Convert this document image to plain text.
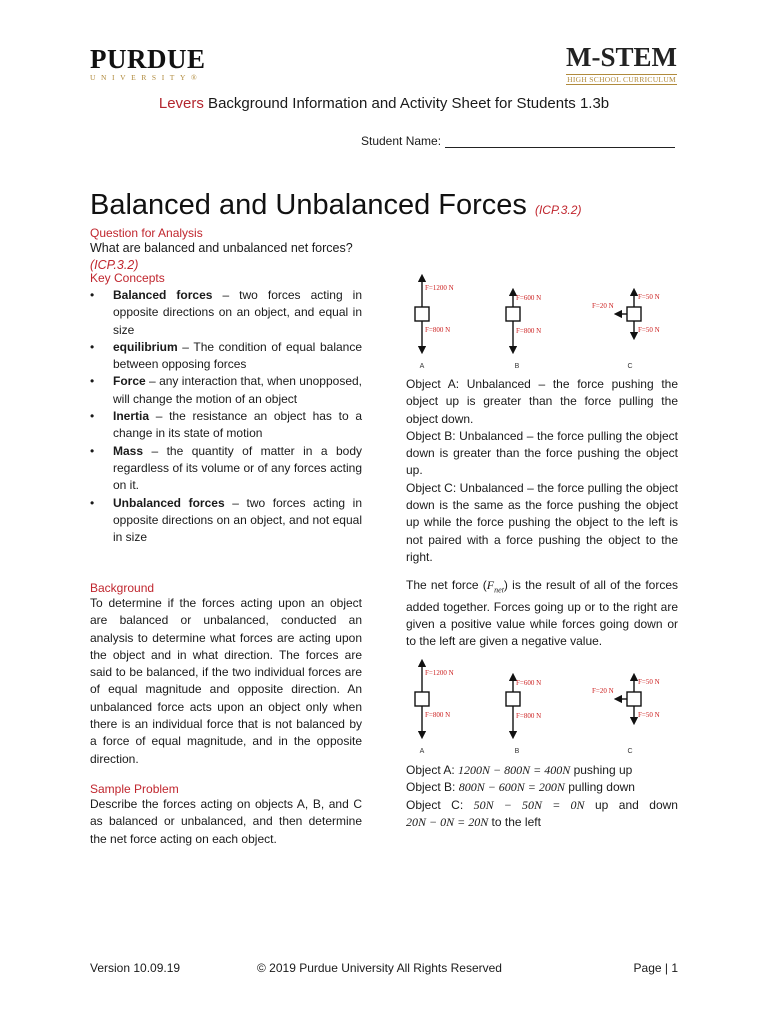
PURDUE
UNIVERSITY®
M-STEM
HIGH SCHOOL CURRICULUM
Levers Background Information and Activity Sheet for Students 1.3b
Student Name:
Balanced and Unbalanced Forces (ICP.3.2)
Question for Analysis
What are balanced and unbalanced net forces? (ICP.3.2)
Key Concepts
• Balanced forces – two forces acting in opposite directions on an object, and equal in size
• equilibrium – The condition of equal balance between opposing forces
• Force – any interaction that, when unopposed, will change the motion of an object
• Inertia – the resistance an object has to a change in its state of motion
• Mass – the quantity of matter in a body regardless of its volume or of any forces acting on it.
• Unbalanced forces – two forces acting in opposite directions on an object, and not equal in size
Background
To determine if the forces acting upon an object are balanced or unbalanced, conducted an analysis to determine what forces are acting upon the object and in what direction. The forces are said to be balanced, if the two individual forces are of equal magnitude and opposite direction. An unbalanced force acts upon an object only when there is an individual force that is not balanced by a force of equal magnitude, and in the opposite direction.
Sample Problem
Describe the forces acting on objects A, B, and C as balanced or unbalanced, and then determine the net force acting on each object.
F=1200 N
F=800 N
A
F=600 N
F=800 N
B
F=20 N
F=50 N
F=50 N
C
Object A: Unbalanced – the force pushing the object up is greater than the force pulling the object down.
Object B: Unbalanced – the force pulling the object down is greater than the force pushing the object up.
Object C: Unbalanced – the force pulling the object down is the same as the force pushing the object up while the force pushing the object to the left is not paired with a force pushing the object to the right.
The net force $(F_{net})$ is the result of all of the forces added together. Forces going up or to the right are given a positive value while forces going down or to the left are given a negative value.
F=1200 N
F=800 N
A
F=600 N
F=800 N
B
F=20 N
F=50 N
F=50 N
C
Object A: 1200N − 800N = 400N pushing up
Object B: 800N − 600N = 200N pulling down
Object C: 50N − 50N = 0N up and down
20N − 0N = 20N to the left
Version 10.09.19	© 2019 Purdue University All Rights Reserved	Page | 1
